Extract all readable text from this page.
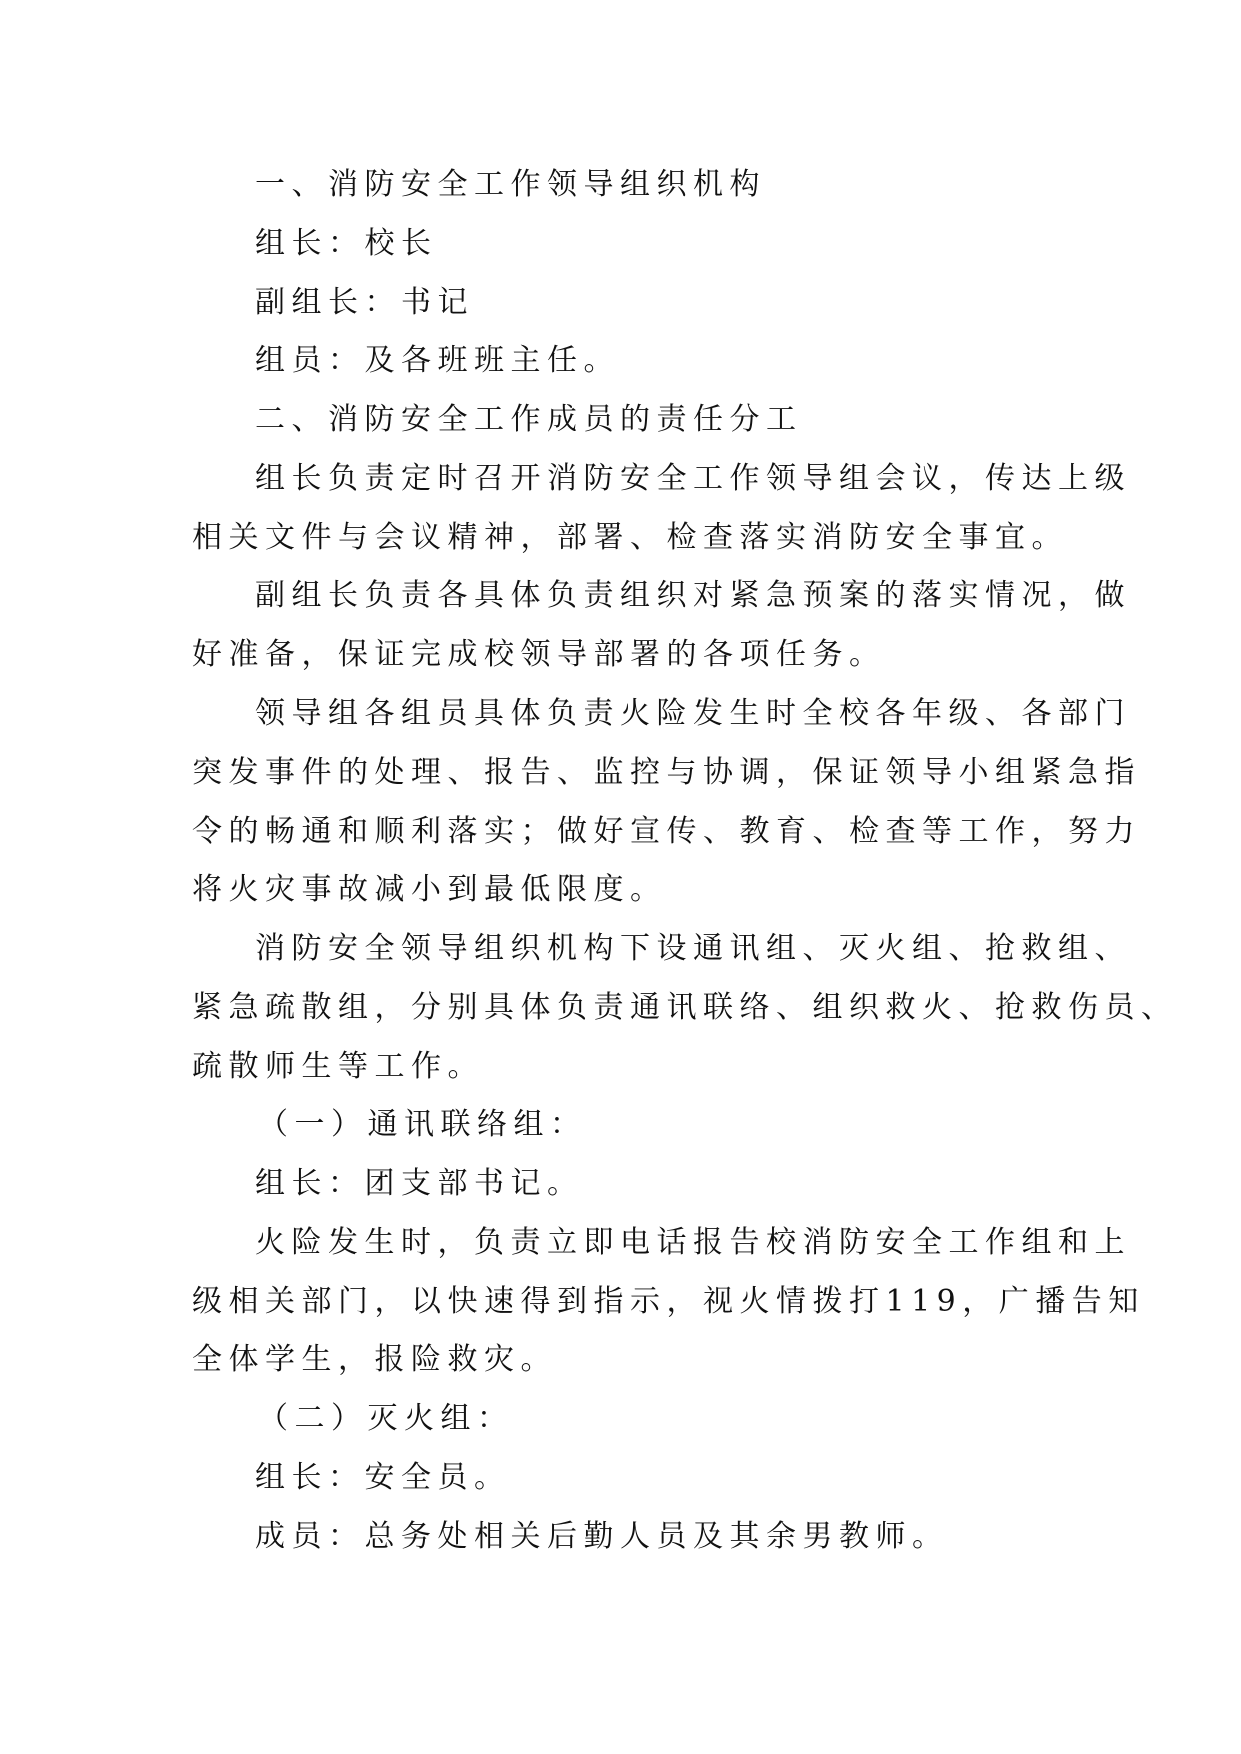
一、消防安全工作领导组织机构
组长：校长
副组长：书记
组员：及各班班主任。
二、消防安全工作成员的责任分工
组长负责定时召开消防安全工作领导组会议，传达上级
相关文件与会议精神，部署、检查落实消防安全事宜。
副组长负责各具体负责组织对紧急预案的落实情况，做
好准备，保证完成校领导部署的各项任务。
领导组各组员具体负责火险发生时全校各年级、各部门
突发事件的处理、报告、监控与协调，保证领导小组紧急指
令的畅通和顺利落实；做好宣传、教育、检查等工作，努力
将火灾事故减小到最低限度。
消防安全领导组织机构下设通讯组、灭火组、抢救组、
紧急疏散组，分别具体负责通讯联络、组织救火、抢救伤员、
疏散师生等工作。
（一）通讯联络组：
组长：团支部书记。
火险发生时，负责立即电话报告校消防安全工作组和上
级相关部门，以快速得到指示，视火情拨打119，广播告知
全体学生，报险救灾。
（二）灭火组：
组长：安全员。
成员：总务处相关后勤人员及其余男教师。
